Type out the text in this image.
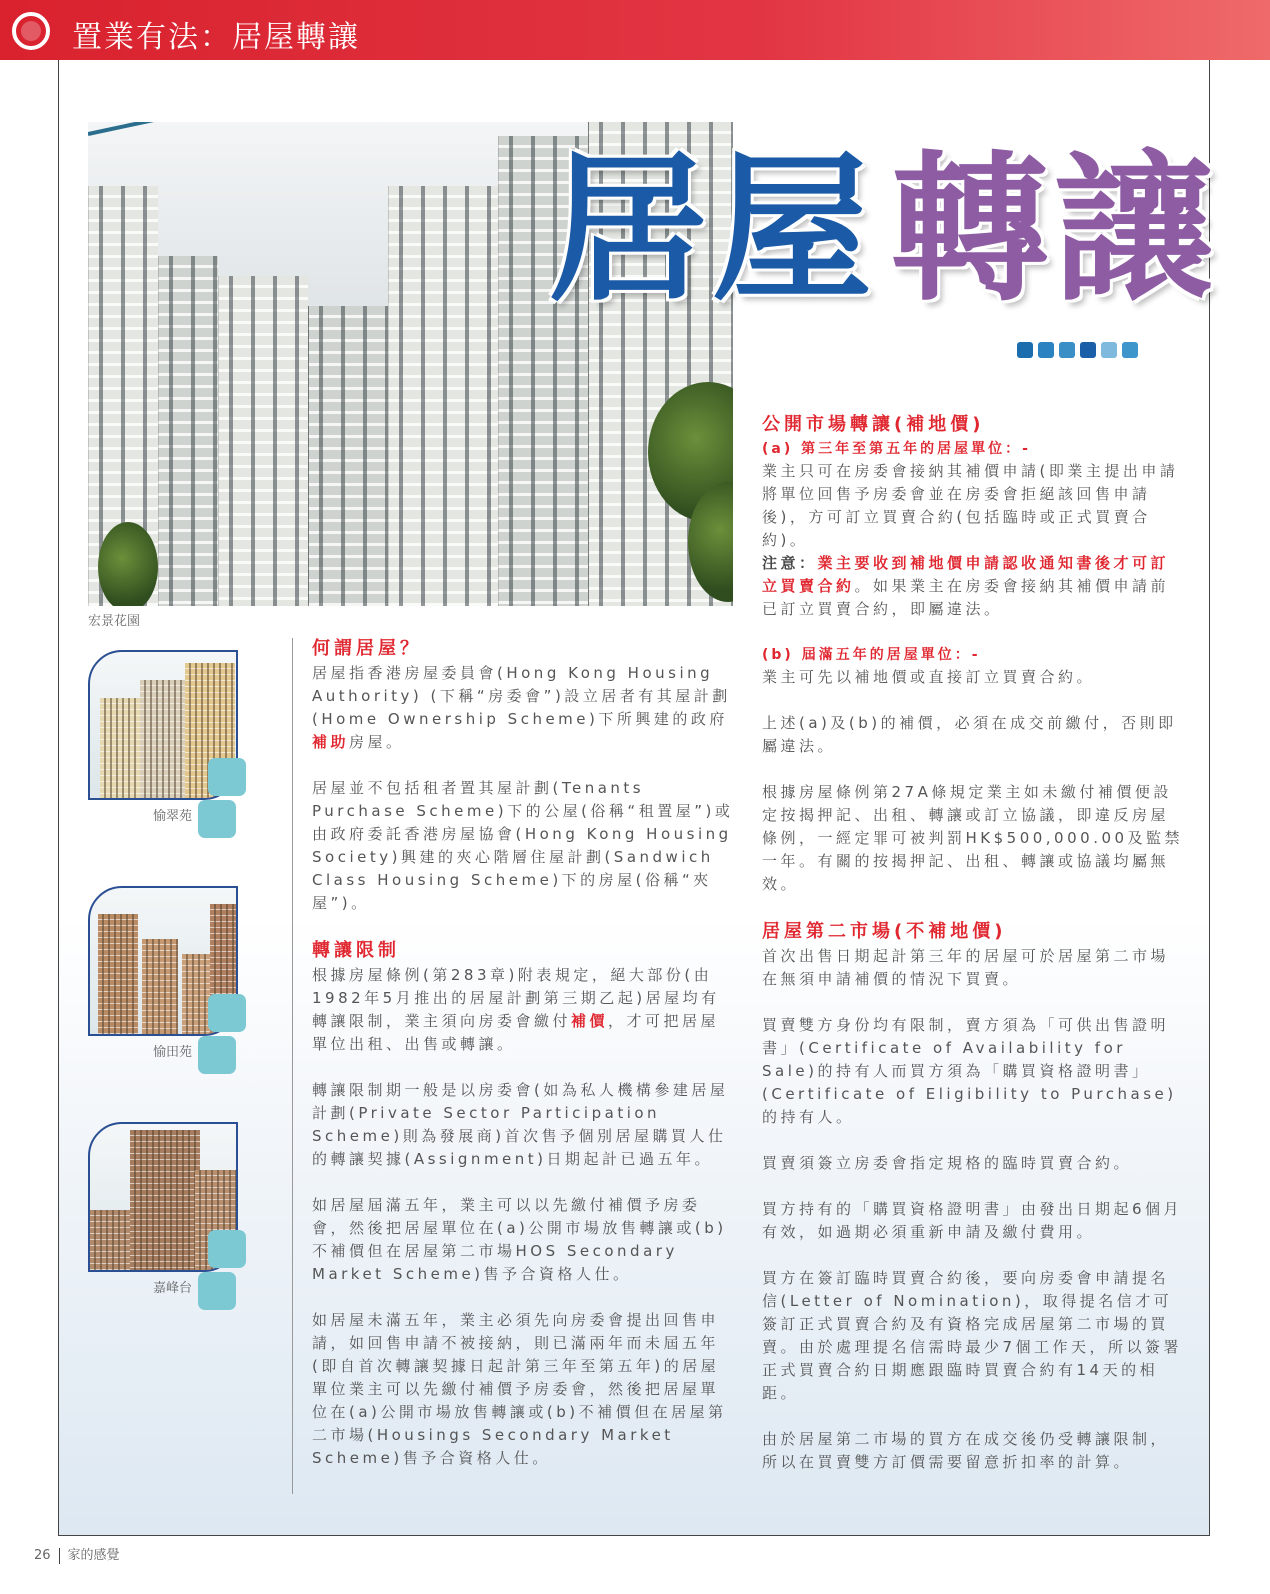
置業有法：居屋轉讓
宏景花園
居屋轉讓
愉翠苑
愉田苑
嘉峰台
何謂居屋？
居屋指香港房屋委員會(Hong Kong Housing Authority) (下稱“房委會”)設立居者有其屋計劃(Home Ownership Scheme)下所興建的政府補助房屋。
居屋並不包括租者置其屋計劃(Tenants Purchase Scheme)下的公屋(俗稱“租置屋”)或由政府委託香港房屋協會(Hong Kong Housing Society)興建的夾心階層住屋計劃(Sandwich Class Housing Scheme)下的房屋(俗稱“夾屋”)。
轉讓限制
根據房屋條例(第283章)附表規定，絕大部份(由1982年5月推出的居屋計劃第三期乙起)居屋均有轉讓限制，業主須向房委會繳付補價，才可把居屋單位出租、出售或轉讓。
轉讓限制期一般是以房委會(如為私人機構參建居屋計劃(Private Sector Participation Scheme)則為發展商)首次售予個別居屋購買人仕的轉讓契據(Assignment)日期起計已過五年。
如居屋屆滿五年，業主可以以先繳付補價予房委會，然後把居屋單位在(a)公開市場放售轉讓或(b)不補價但在居屋第二市場HOS Secondary Market Scheme)售予合資格人仕。
如居屋未滿五年，業主必須先向房委會提出回售申請，如回售申請不被接納，則已滿兩年而未屆五年(即自首次轉讓契據日起計第三年至第五年)的居屋單位業主可以先繳付補價予房委會，然後把居屋單位在(a)公開市場放售轉讓或(b)不補價但在居屋第二市場(Housings Secondary Market Scheme)售予合資格人仕。
公開市場轉讓(補地價)
(a) 第三年至第五年的居屋單位：-
業主只可在房委會接納其補價申請(即業主提出申請將單位回售予房委會並在房委會拒絕該回售申請後)，方可訂立買賣合約(包括臨時或正式買賣合約)。
注意：業主要收到補地價申請認收通知書後才可訂立買賣合約。如果業主在房委會接納其補價申請前已訂立買賣合約，即屬違法。
(b) 屆滿五年的居屋單位：-
業主可先以補地價或直接訂立買賣合約。
上述(a)及(b)的補價，必須在成交前繳付，否則即屬違法。
根據房屋條例第27A條規定業主如未繳付補價便設定按揭押記、出租、轉讓或訂立協議，即違反房屋條例，一經定罪可被判罰HK$500,000.00及監禁一年。有關的按揭押記、出租、轉讓或協議均屬無效。
居屋第二市場(不補地價)
首次出售日期起計第三年的居屋可於居屋第二市場在無須申請補價的情況下買賣。
買賣雙方身份均有限制，賣方須為「可供出售證明書」(Certificate of Availability for Sale)的持有人而買方須為「購買資格證明書」(Certificate of Eligibility to Purchase)的持有人。
買賣須簽立房委會指定規格的臨時買賣合約。
買方持有的「購買資格證明書」由發出日期起6個月有效，如過期必須重新申請及繳付費用。
買方在簽訂臨時買賣合約後，要向房委會申請提名信(Letter of Nomination)，取得提名信才可簽訂正式買賣合約及有資格完成居屋第二市場的買賣。由於處理提名信需時最少7個工作天，所以簽署正式買賣合約日期應跟臨時買賣合約有14天的相距。
由於居屋第二市場的買方在成交後仍受轉讓限制，所以在買賣雙方訂價需要留意折扣率的計算。
26 家的感覺
